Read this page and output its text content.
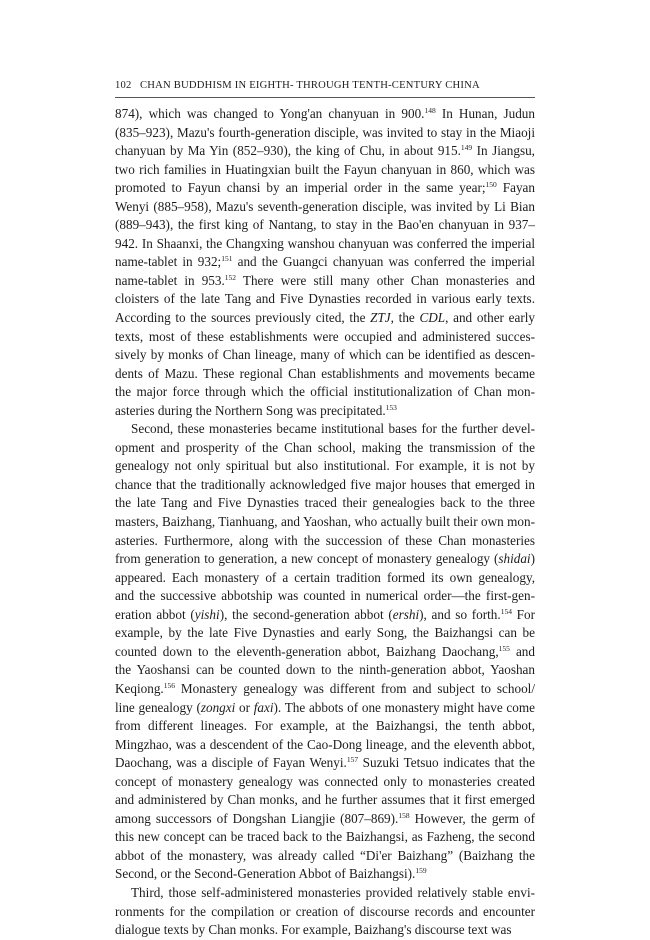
102 CHAN BUDDHISM IN EIGHTH- THROUGH TENTH-CENTURY CHINA
874), which was changed to Yong'an chanyuan in 900.$^{148}$ In Hunan, Judun
(835–923), Mazu's fourth-generation disciple, was invited to stay in the Miaoji
chanyuan by Ma Yin (852–930), the king of Chu, in about 915.$^{149}$ In Jiangsu,
two rich families in Huatingxian built the Fayun chanyuan in 860, which was
promoted to Fayun chansi by an imperial order in the same year;$^{150}$ Fayan
Wenyi (885–958), Mazu's seventh-generation disciple, was invited by Li Bian
(889–943), the first king of Nantang, to stay in the Bao'en chanyuan in 937–
942. In Shaanxi, the Changxing wanshou chanyuan was conferred the imperial
name-tablet in 932;$^{151}$ and the Guangci chanyuan was conferred the imperial
name-tablet in 953.$^{152}$ There were still many other Chan monasteries and
cloisters of the late Tang and Five Dynasties recorded in various early texts.
According to the sources previously cited, the ZTJ, the CDL, and other early
texts, most of these establishments were occupied and administered succes-
sively by monks of Chan lineage, many of which can be identified as descen-
dents of Mazu. These regional Chan establishments and movements became
the major force through which the official institutionalization of Chan mon-
asteries during the Northern Song was precipitated.$^{153}$
Second, these monasteries became institutional bases for the further devel-
opment and prosperity of the Chan school, making the transmission of the
genealogy not only spiritual but also institutional. For example, it is not by
chance that the traditionally acknowledged five major houses that emerged in
the late Tang and Five Dynasties traced their genealogies back to the three
masters, Baizhang, Tianhuang, and Yaoshan, who actually built their own mon-
asteries. Furthermore, along with the succession of these Chan monasteries
from generation to generation, a new concept of monastery genealogy (shidai)
appeared. Each monastery of a certain tradition formed its own genealogy,
and the successive abbotship was counted in numerical order—the first-gen-
eration abbot (yishi), the second-generation abbot (ershi), and so forth.$^{154}$ For
example, by the late Five Dynasties and early Song, the Baizhangsi can be
counted down to the eleventh-generation abbot, Baizhang Daochang,$^{155}$ and
the Yaoshansi can be counted down to the ninth-generation abbot, Yaoshan
Keqiong.$^{156}$ Monastery genealogy was different from and subject to school/
line genealogy (zongxi or faxi). The abbots of one monastery might have come
from different lineages. For example, at the Baizhangsi, the tenth abbot,
Mingzhao, was a descendent of the Cao-Dong lineage, and the eleventh abbot,
Daochang, was a disciple of Fayan Wenyi.$^{157}$ Suzuki Tetsuo indicates that the
concept of monastery genealogy was connected only to monasteries created
and administered by Chan monks, and he further assumes that it first emerged
among successors of Dongshan Liangjie (807–869).$^{158}$ However, the germ of
this new concept can be traced back to the Baizhangsi, as Fazheng, the second
abbot of the monastery, was already called “Di'er Baizhang” (Baizhang the
Second, or the Second-Generation Abbot of Baizhangsi).$^{159}$
Third, those self-administered monasteries provided relatively stable envi-
ronments for the compilation or creation of discourse records and encounter
dialogue texts by Chan monks. For example, Baizhang's discourse text was
